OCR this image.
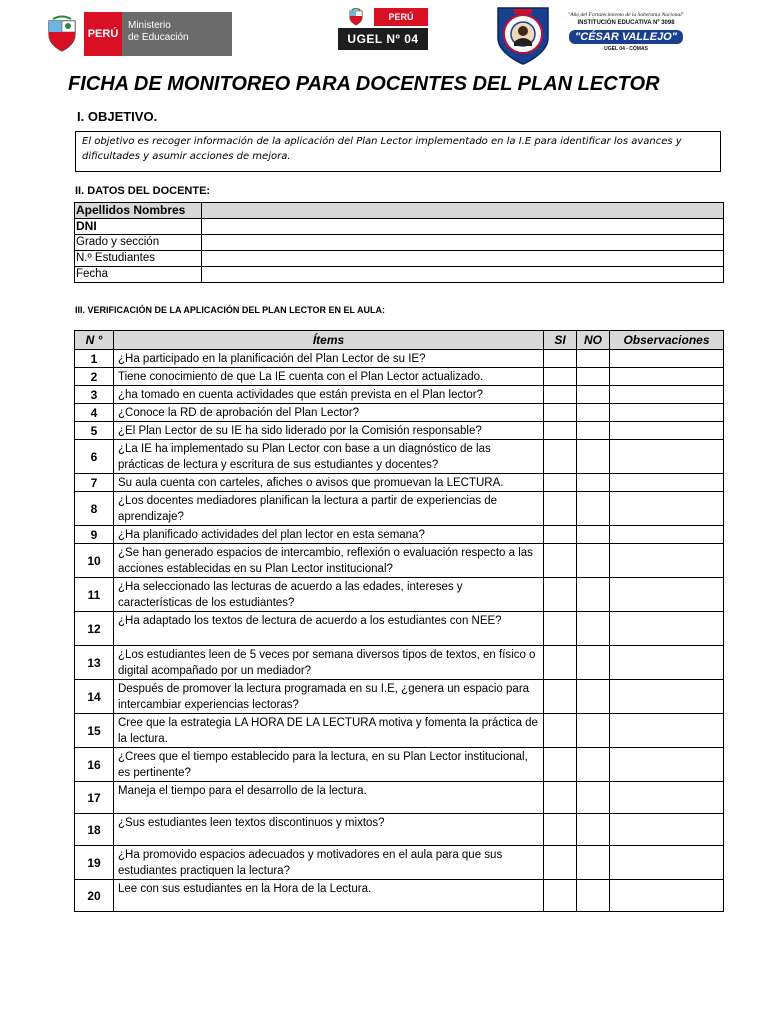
PERÚ
Ministerio
de Educación
PERÚ
UGEL Nº 04
"Año del Fortalecimiento de la Soberanía Nacional"
INSTITUCIÓN EDUCATIVA Nº 3098
"CÉSAR VALLEJO"
UGEL 04 - COMAS
FICHA DE MONITOREO PARA DOCENTES DEL PLAN LECTOR
I. OBJETIVO.
El objetivo es recoger información de la aplicación del Plan Lector implementado en la I.E para identificar los avances y dificultades y asumir acciones de mejora.
II. DATOS DEL DOCENTE:
Apellidos Nombres	
DNI	
Grado y sección	
N.º Estudiantes	
Fecha	
III. VERIFICACIÓN DE LA APLICACIÓN DEL PLAN LECTOR EN EL AULA:
N °	Ítems	SI	NO	Observaciones
1	¿Ha participado en la planificación del Plan Lector de su IE?			
2	Tiene conocimiento de que La IE cuenta con el Plan Lector actualizado.			
3	¿ha tomado en cuenta actividades que están prevista en el Plan lector?			
4	¿Conoce la RD de aprobación del Plan Lector?			
5	¿El Plan Lector de su IE ha sido liderado por la Comisión responsable?			
6	¿La IE ha implementado su Plan Lector con base a un diagnóstico de las prácticas de lectura y escritura de sus estudiantes y docentes?			
7	Su aula cuenta con carteles, afiches o avisos que promuevan la LECTURA.			
8	¿Los docentes mediadores planifican la lectura a partir de experiencias de aprendizaje?			
9	¿Ha planificado actividades del plan lector en esta semana?			
10	¿Se han generado espacios de intercambio, reflexión o evaluación respecto a las acciones establecidas en su Plan Lector institucional?			
11	¿Ha seleccionado las lecturas de acuerdo a las edades, intereses y características de los estudiantes?			
12	¿Ha adaptado los textos de lectura de acuerdo a los estudiantes con NEE?			
13	¿Los estudiantes leen de 5 veces por semana diversos tipos de textos, en físico o digital acompañado por un mediador?			
14	Después de promover la lectura programada en su I.E, ¿genera un espacio para intercambiar experiencias lectoras?			
15	Cree que la estrategia LA HORA DE LA LECTURA motiva y fomenta la práctica de la lectura.			
16	¿Crees que el tiempo establecido para la lectura, en su Plan Lector institucional, es pertinente?			
17	Maneja el tiempo para el desarrollo de la lectura.			
18	¿Sus estudiantes leen textos discontinuos y mixtos?			
19	¿Ha promovido espacios adecuados y motivadores en el aula para que sus estudiantes practiquen la lectura?			
20	Lee con sus estudiantes en la Hora de la Lectura.			
